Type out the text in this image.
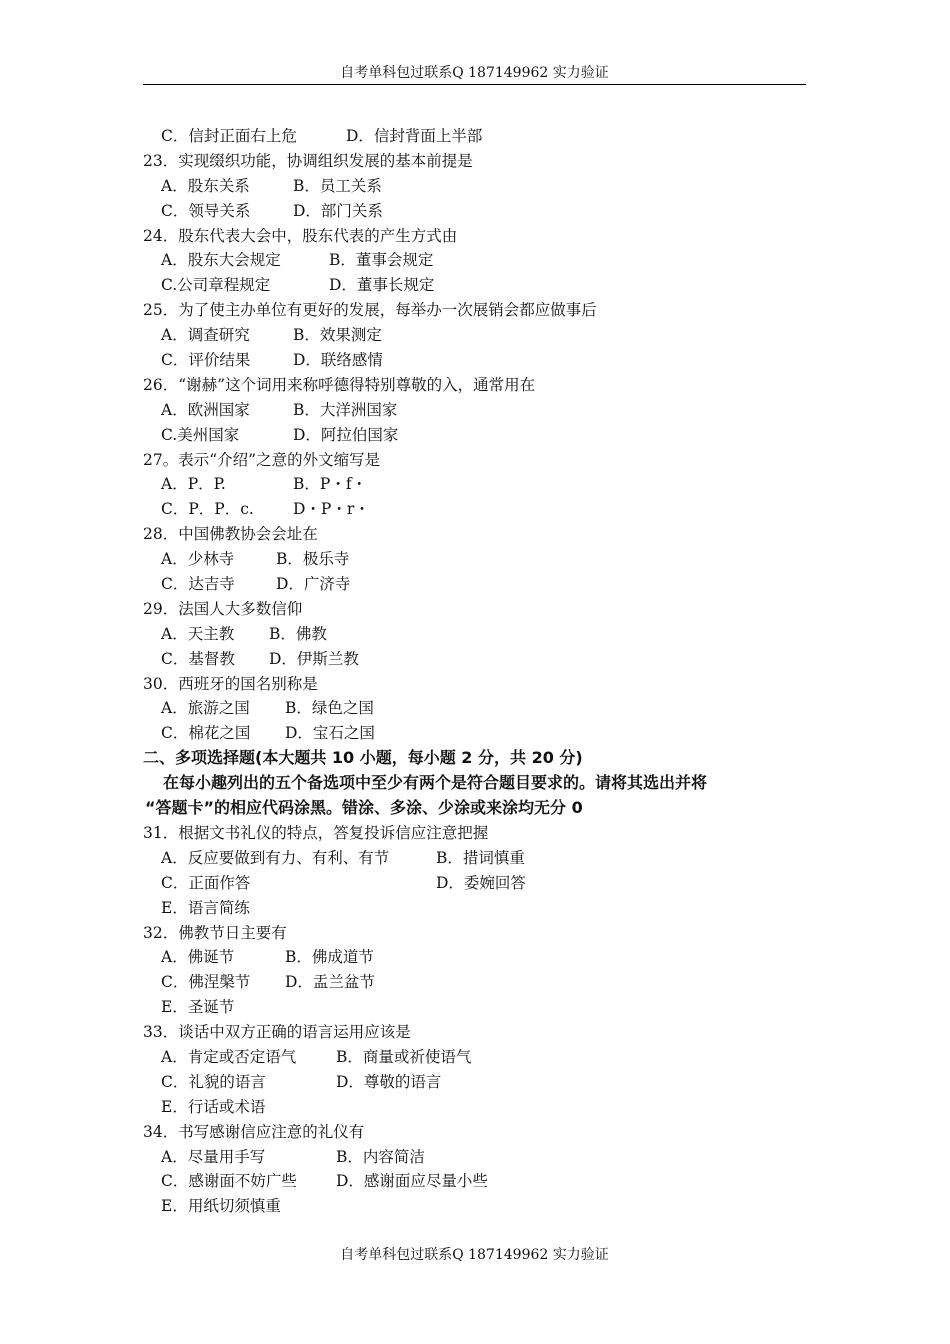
自考单科包过联系Q 187149962 实力验证
C．信封正面右上危	D．信封背面上半部
23．实现缀织功能，协调组织发展的基本前提是
A．股东关系	B．员工关系
C．领导关系	D．部门关系
24．股东代表大会中，股东代表的产生方式由
A．股东大会规定	B．董事会规定
C.公司章程规定	D．董事长规定
25．为了使主办单位有更好的发展，每举办一次展销会都应做事后
A．调查研究	B．效果测定
C．评价结果	D．联络感情
26．“谢赫”这个词用来称呼德得特别尊敬的入，通常用在
A．欧洲国家	B．大洋洲国家
C.美州国家	D．阿拉伯国家
27。表示“介绍”之意的外文缩写是
A．P．P.	B．P・f・
C．P．P．c.	D・P・r・
28．中国佛教协会会址在
A．少林寺	B．极乐寺
C．达吉寺	D．广济寺
29．法国人大多数信仰
A．天主教 B．佛教
C．基督教 D．伊斯兰教
30．西班牙的国名别称是
A．旅游之国 B．绿色之国
C．棉花之国 D．宝石之国
二、多项选择题(本大题共 10 小题，每小题 2 分，共 20 分)
在每小趣列出的五个备选项中至少有两个是符合题目要求的。请将其选出并将
“答题卡”的相应代码涂黑。错涂、多涂、少涂或来涂均无分 0
31．根据文书礼仪的特点，答复投诉信应注意把握
A．反应要做到有力、有利、有节	B．措词慎重
C．正面作答	D．委婉回答
E．语言简练
32．佛教节日主要有
A．佛诞节	B．佛成道节
C．佛涅槃节 D．盂兰盆节
E．圣诞节
33．谈话中双方正确的语言运用应该是
A．肯定或否定语气	B．商量或祈使语气
C．礼貌的语言	D．尊敬的语言
E．行话或术语
34．书写感谢信应注意的礼仪有
A．尽量用手写	B．内容简洁
C．感谢面不妨广些	D．感谢面应尽量小些
E．用纸切须慎重
自考单科包过联系Q 187149962 实力验证
